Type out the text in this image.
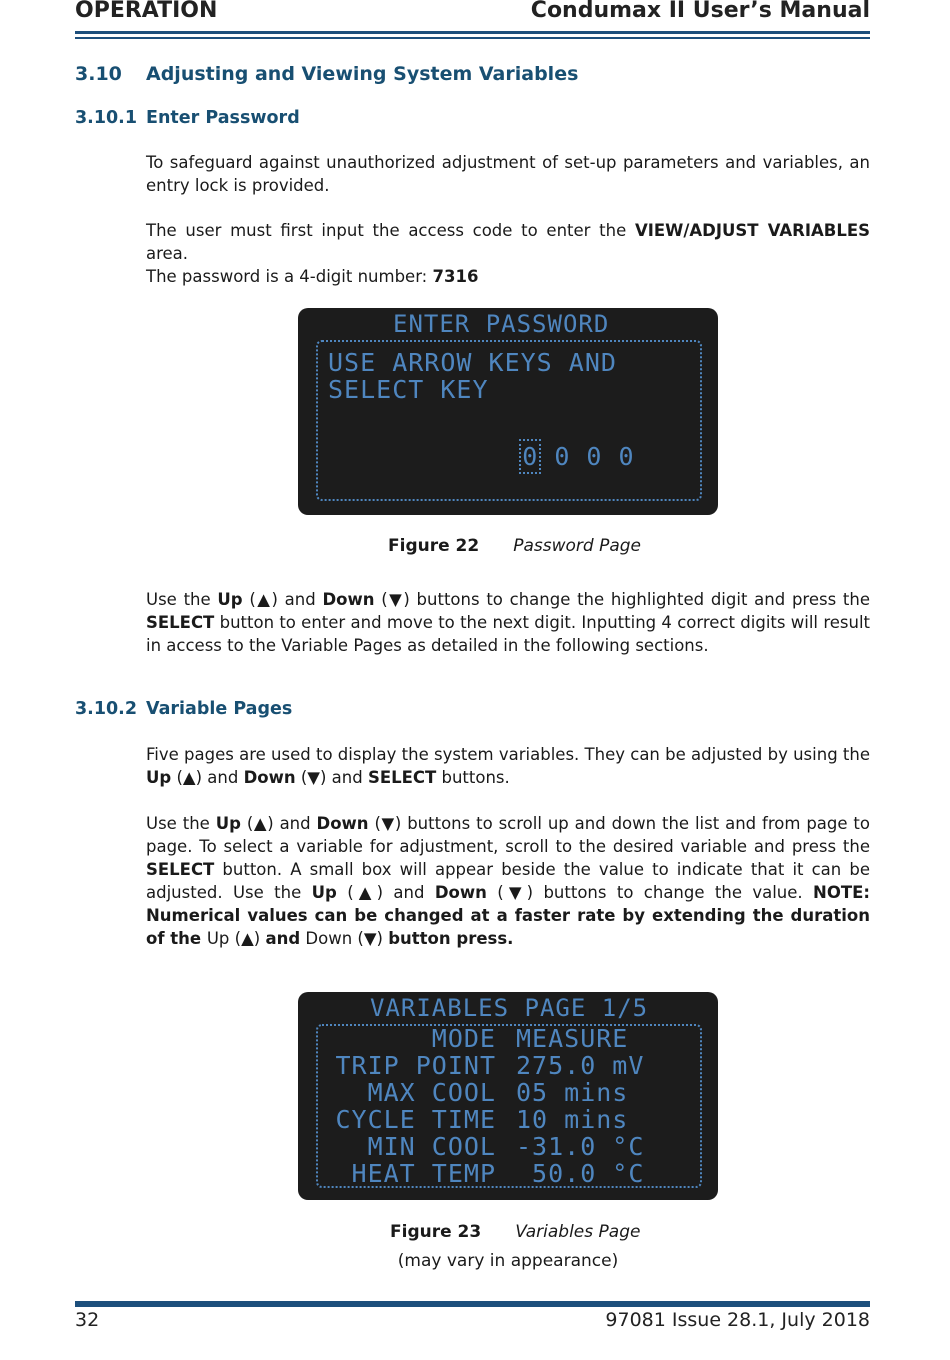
OPERATION	Condumax II User’s Manual
3.10 Adjusting and Viewing System Variables
3.10.1 Enter Password
To safeguard against unauthorized adjustment of set-up parameters and variables, an entry lock is provided.
The user must first input the access code to enter the VIEW/ADJUST VARIABLES area.
The password is a 4-digit number: 7316
ENTER PASSWORD
USE ARROW KEYS AND
SELECT KEY

0 0 0 0

Figure 22 Password Page
Use the Up (▲) and Down (▼) buttons to change the highlighted digit and press the SELECT button to enter and move to the next digit. Inputting 4 correct digits will result in access to the Variable Pages as detailed in the following sections.
3.10.2 Variable Pages
Five pages are used to display the system variables. They can be adjusted by using the Up (▲) and Down (▼) and SELECT buttons.
Use the Up (▲) and Down (▼) buttons to scroll up and down the list and from page to page. To select a variable for adjustment, scroll to the desired variable and press the SELECT button. A small box will appear beside the value to indicate that it can be adjusted. Use the Up (▲) and Down (▼) buttons to change the value. NOTE: Numerical values can be changed at a faster rate by extending the duration of the Up (▲) and Down (▼) button press.
VARIABLES PAGE 1/5
MODE MEASURE
TRIP POINT 275.0 mV
MAX COOL 05 mins
CYCLE TIME 10 mins
MIN COOL -31.0 °C
HEAT TEMP 50.0 °C
Figure 23 Variables Page
(may vary in appearance)
32	97081 Issue 28.1, July 2018
